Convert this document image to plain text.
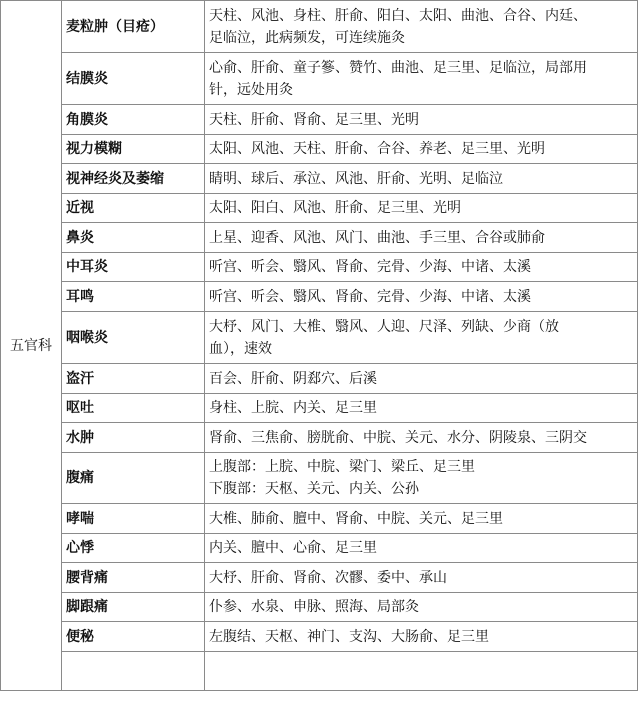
五官科	麦粒肿（目疮）	天柱、风池、身柱、肝俞、阳白、太阳、曲池、合谷、内廷、
足临泣，此病频发，可连续施灸
	结膜炎	心俞、肝俞、童子篸、赞竹、曲池、足三里、足临泣，局部用
针，远处用灸
	角膜炎	天柱、肝俞、肾俞、足三里、光明
	视力模糊	太阳、风池、天柱、肝俞、合谷、养老、足三里、光明
	视神经炎及萎缩	睛明、球后、承泣、风池、肝俞、光明、足临泣
	近视	太阳、阳白、风池、肝俞、足三里、光明
	鼻炎	上星、迎香、风池、风门、曲池、手三里、合谷或肺俞
	中耳炎	听宫、听会、翳风、肾俞、完骨、少海、中诸、太溪
	耳鸣	听宫、听会、翳风、肾俞、完骨、少海、中诸、太溪
	咽喉炎	大杼、风门、大椎、翳风、人迎、尺泽、列缺、少商（放
血），速效
	盗汗	百会、肝俞、阴郄穴、后溪
	呕吐	身柱、上脘、内关、足三里
	水肿	肾俞、三焦俞、膀胱俞、中脘、关元、水分、阴陵泉、三阴交
	腹痛	上腹部：上脘、中脘、梁门、梁丘、足三里
下腹部：天枢、关元、内关、公孙
	哮喘	大椎、肺俞、膻中、肾俞、中脘、关元、足三里
	心悸	内关、膻中、心俞、足三里
	腰背痛	大杼、肝俞、肾俞、次髎、委中、承山
	脚跟痛	仆参、水泉、申脉、照海、局部灸
	便秘	左腹结、天枢、神门、支沟、大肠俞、足三里
